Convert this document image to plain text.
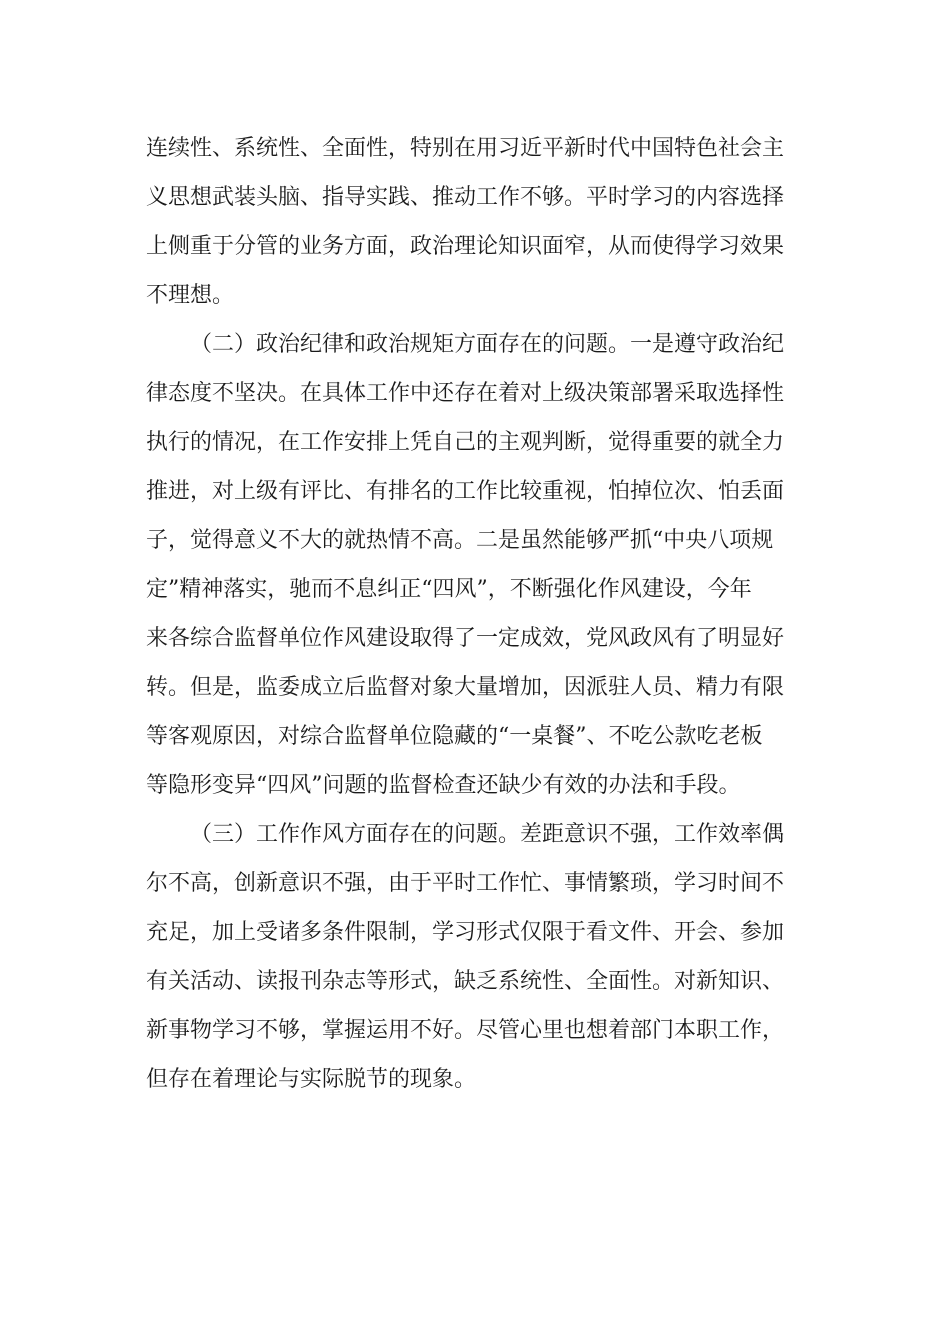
连续性、系统性、全面性，特别在用习近平新时代中国特色社会主
义思想武装头脑、指导实践、推动工作不够。平时学习的内容选择
上侧重于分管的业务方面，政治理论知识面窄，从而使得学习效果
不理想。
（二）政治纪律和政治规矩方面存在的问题。一是遵守政治纪
律态度不坚决。在具体工作中还存在着对上级决策部署采取选择性
执行的情况，在工作安排上凭自己的主观判断，觉得重要的就全力
推进，对上级有评比、有排名的工作比较重视，怕掉位次、怕丢面
子，觉得意义不大的就热情不高。二是虽然能够严抓“中央八项规
定”精神落实，驰而不息纠正“四风”，不断强化作风建设，今年
来各综合监督单位作风建设取得了一定成效，党风政风有了明显好
转。但是，监委成立后监督对象大量增加，因派驻人员、精力有限
等客观原因，对综合监督单位隐藏的“一桌餐”、不吃公款吃老板
等隐形变异“四风”问题的监督检查还缺少有效的办法和手段。
（三）工作作风方面存在的问题。差距意识不强，工作效率偶
尔不高，创新意识不强，由于平时工作忙、事情繁琐，学习时间不
充足，加上受诸多条件限制，学习形式仅限于看文件、开会、参加
有关活动、读报刊杂志等形式，缺乏系统性、全面性。对新知识、
新事物学习不够，掌握运用不好。尽管心里也想着部门本职工作，
但存在着理论与实际脱节的现象。
